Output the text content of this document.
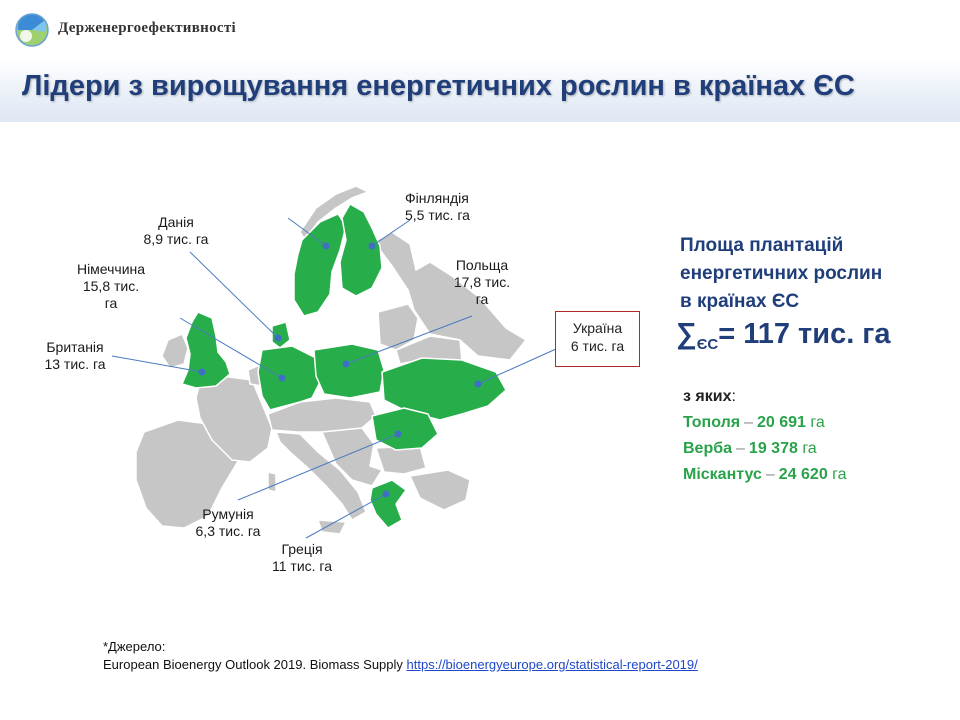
Держенергоефективності
Лідери з вирощування енергетичних рослин в країнах ЄС
Фінляндія
5,5 тис. га
Данія
8,9 тис. га
Німеччина
15,8 тис.
га
Польща
17,8 тис.
га
Британія
13 тис. га
Україна
6 тис. га
Румунія
6,3 тис. га
Греція
11 тис. га
Площа плантацій
енергетичних рослин
в країнах ЄС
$\sum_{ЄС}= 117$ тис. га
з яких:
Тополя – 20 691 га
Верба – 19 378 га
Міскантус – 24 620 га
*Джерело:
European Bioenergy Outlook 2019. Biomass Supply https://bioenergyeurope.org/statistical-report-2019/
